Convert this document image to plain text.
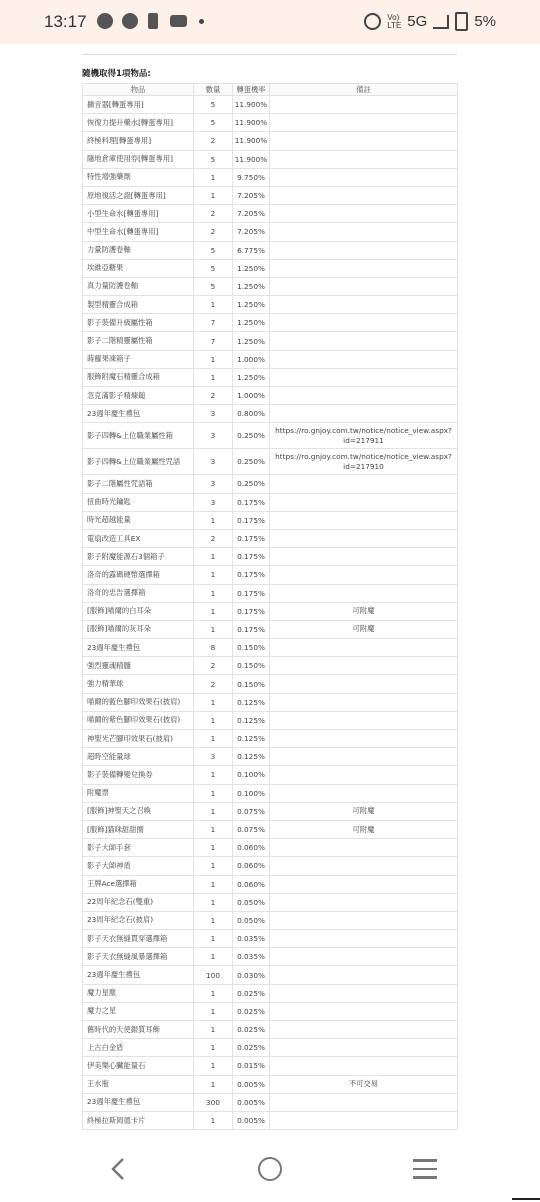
13:17	Vo)
LTE 5G	5%
隨機取得1項物品:
物品	數量	轉蛋機率	備註
擴音器[轉蛋專用]	5	11.900%	
恢復力提升藥水[轉蛋專用]	5	11.900%	
終極料理[轉蛋專用]	2	11.900%	
隨地倉庫使用券[轉蛋專用]	5	11.900%	
特性增強藥劑	1	9.750%	
原地復活之證[轉蛋專用]	1	7.205%	
小型生命水[轉蛋專用]	2	7.205%	
中型生命水[轉蛋專用]	2	7.205%	
力量防護卷軸	5	6.775%	
埃維亞糖果	5	1.250%	
真力量防護卷軸	5	1.250%	
製型精靈合成箱	1	1.250%	
影子裝備升級屬性箱	7	1.250%	
影子二階精靈屬性箱	7	1.250%	
蒔蘿果凍箱子	1	1.000%	
服飾附魔石精靈合成箱	1	1.250%	
忽克滿影子精煉鎚	2	1.000%	
23週年慶生禮包	3	0.800%	
影子四轉&上位職業屬性箱	3	0.250%	https://ro.gnjoy.com.tw/notice/notice_view.aspx?id=217911
影子四轉&上位職業屬性咒語	3	0.250%	https://ro.gnjoy.com.tw/notice/notice_view.aspx?id=217910
影子二階屬性咒語箱	3	0.250%	
扭曲時光鑰匙	3	0.175%	
時光超越能量	1	0.175%	
電扇改造工具EX	2	0.175%	
影子附魔能源石3個箱子	1	0.175%	
洛奇的露碼硬幣選擇箱	1	0.175%	
洛奇的忠告選擇箱	1	0.175%	
[服飾]喵爾的白耳朵	1	0.175%	可附魔
[服飾]喵爾的灰耳朵	1	0.175%	可附魔
23週年慶生禮包	8	0.150%	
強烈靈魂精髓	2	0.150%	
強力精華球	2	0.150%	
喵爾的藍色腳印效果石(披肩)	1	0.125%	
喵爾的紫色腳印效果石(披肩)	1	0.125%	
神聖光芒腳印效果石(披肩)	1	0.125%	
超時空能量球	3	0.125%	
影子裝備轉變兌換券	1	0.100%	
附魔票	1	0.100%	
[服飾]神聖天之召喚	1	0.075%	可附魔
[服飾]貓咪甜甜圈	1	0.075%	可附魔
影子大師手套	1	0.060%	
影子大師神盾	1	0.060%	
王牌Ace選擇箱	1	0.060%	
22周年紀念石(雙重)	1	0.050%	
23周年紀念石(披肩)	1	0.050%	
影子天衣無縫貫穿選擇箱	1	0.035%	
影子天衣無縫風暴選擇箱	1	0.035%	
23週年慶生禮包	100	0.030%	
魔力星塵	1	0.025%	
魔力之星	1	0.025%	
舊時代的天使銀質耳飾	1	0.025%	
上古白金盾	1	0.025%	
伊美樂心臟能量石	1	0.015%	
王水瓶	1	0.005%	不可交易
23週年慶生禮包	300	0.005%	
終極拉斯岡德卡片	1	0.005%	
